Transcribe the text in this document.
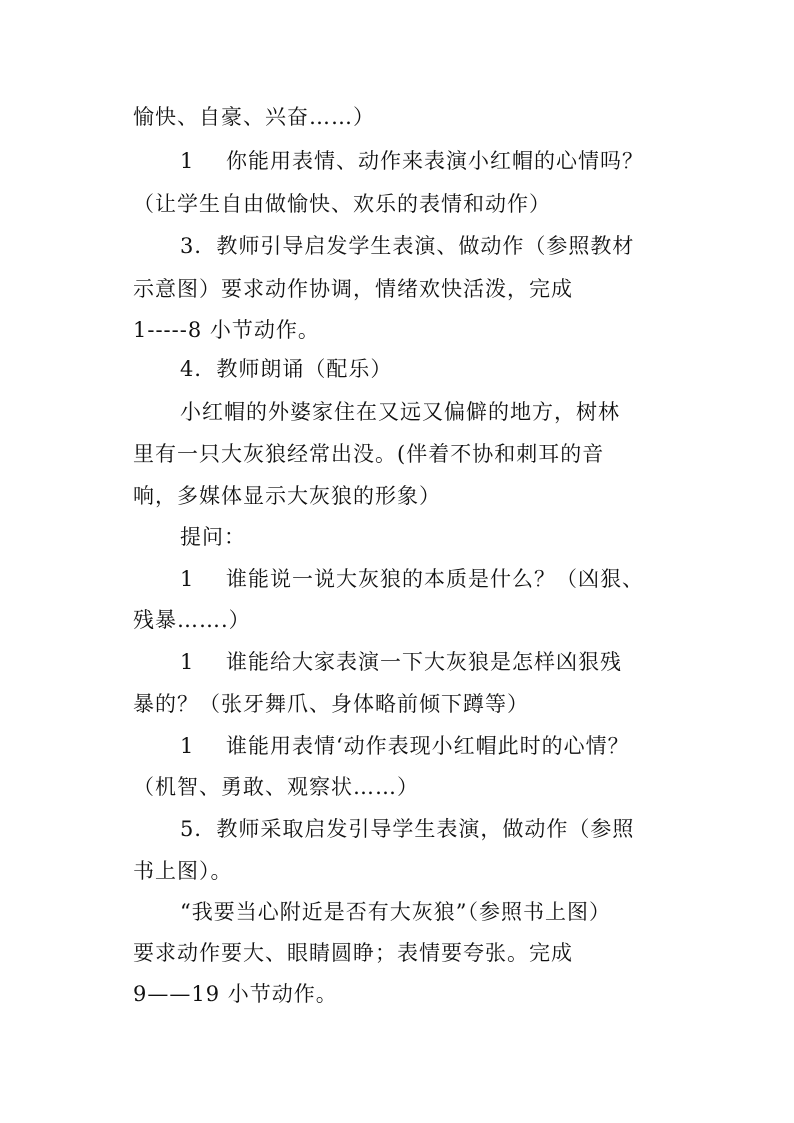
愉快、自豪、兴奋……）
1 你能用表情、动作来表演小红帽的心情吗？
（让学生自由做愉快、欢乐的表情和动作）
3．教师引导启发学生表演、做动作（参照教材
示意图）要求动作协调，情绪欢快活泼，完成
1-----8 小节动作。
4．教师朗诵（配乐）
小红帽的外婆家住在又远又偏僻的地方，树林
里有一只大灰狼经常出没。(伴着不协和刺耳的音
响，多媒体显示大灰狼的形象）
提问：
1 谁能说一说大灰狼的本质是什么？（凶狠、
残暴…….）
1 谁能给大家表演一下大灰狼是怎样凶狠残
暴的？（张牙舞爪、身体略前倾下蹲等）
1 谁能用表情‘动作表现小红帽此时的心情？
（机智、勇敢、观察状……）
5．教师采取启发引导学生表演，做动作（参照
书上图）。
“我要当心附近是否有大灰狼”（参照书上图）
要求动作要大、眼睛圆睁；表情要夸张。完成
9——19 小节动作。
